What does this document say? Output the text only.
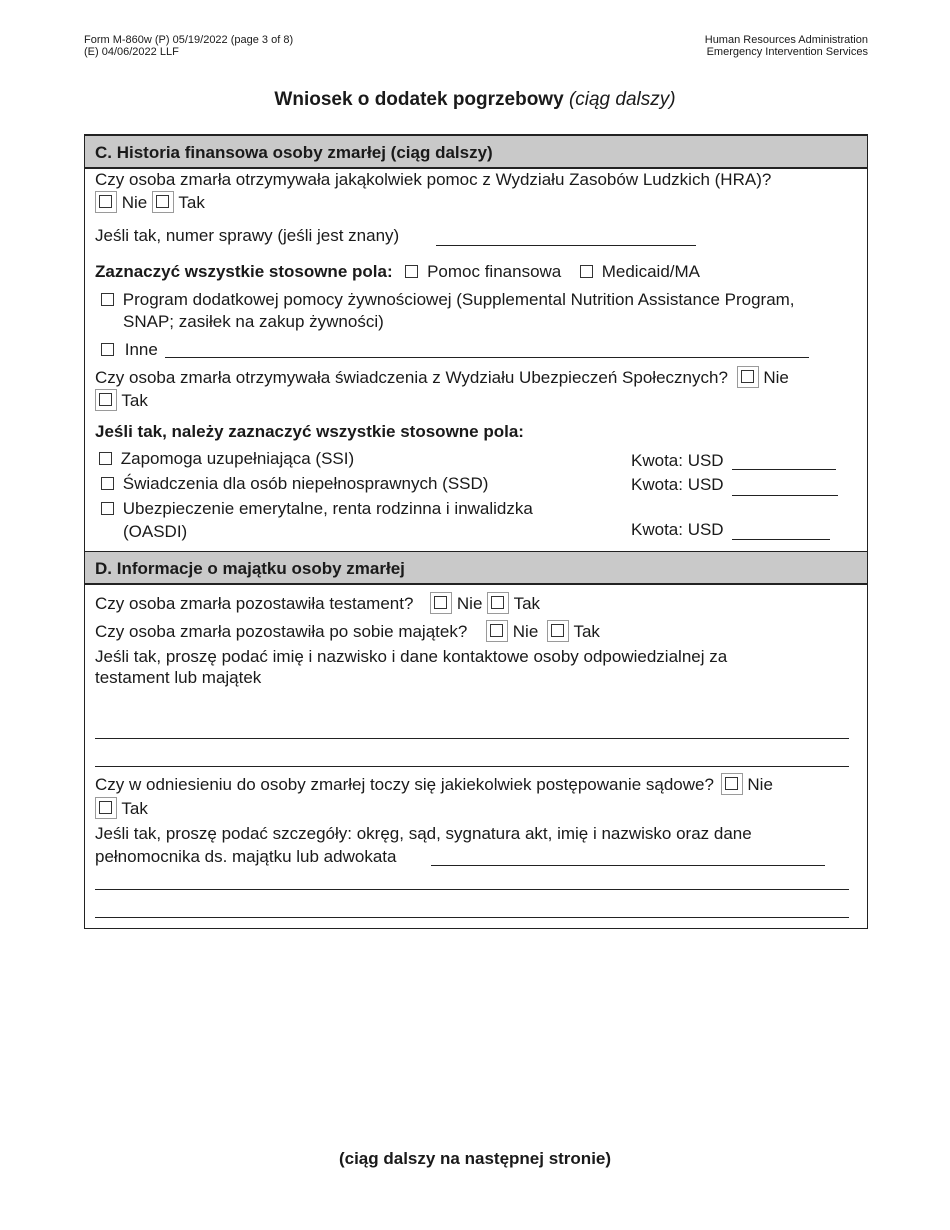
Form M-860w (P) 05/19/2022 (page 3 of 8)
(E) 04/06/2022 LLF
Human Resources Administration
Emergency Intervention Services
Wniosek o dodatek pogrzebowy (ciąg dalszy)
C. Historia finansowa osoby zmarłej (ciąg dalszy)
Czy osoba zmarła otrzymywała jakąkolwiek pomoc z Wydziału Zasobów Ludzkich (HRA)?
Nie Tak
Jeśli tak, numer sprawy (jeśli jest znany)
Zaznaczyć wszystkie stosowne pola: Pomoc finansowa Medicaid/MA
Program dodatkowej pomocy żywnościowej (Supplemental Nutrition Assistance Program,
SNAP; zasiłek na zakup żywności)
Inne
Czy osoba zmarła otrzymywała świadczenia z Wydziału Ubezpieczeń Społecznych? Nie
Tak
Jeśli tak, należy zaznaczyć wszystkie stosowne pola:
Zapomoga uzupełniająca (SSI)	Kwota: USD
Świadczenia dla osób niepełnosprawnych (SSD)	Kwota: USD
Ubezpieczenie emerytalne, renta rodzinna i inwalidzka
(OASDI)	Kwota: USD
D. Informacje o majątku osoby zmarłej
Czy osoba zmarła pozostawiła testament?	Nie Tak
Czy osoba zmarła pozostawiła po sobie majątek?	Nie Tak
Jeśli tak, proszę podać imię i nazwisko i dane kontaktowe osoby odpowiedzialnej za
testament lub majątek
Czy w odniesieniu do osoby zmarłej toczy się jakiekolwiek postępowanie sądowe? Nie
Tak
Jeśli tak, proszę podać szczegóły: okręg, sąd, sygnatura akt, imię i nazwisko oraz dane
pełnomocnika ds. majątku lub adwokata
(ciąg dalszy na następnej stronie)
